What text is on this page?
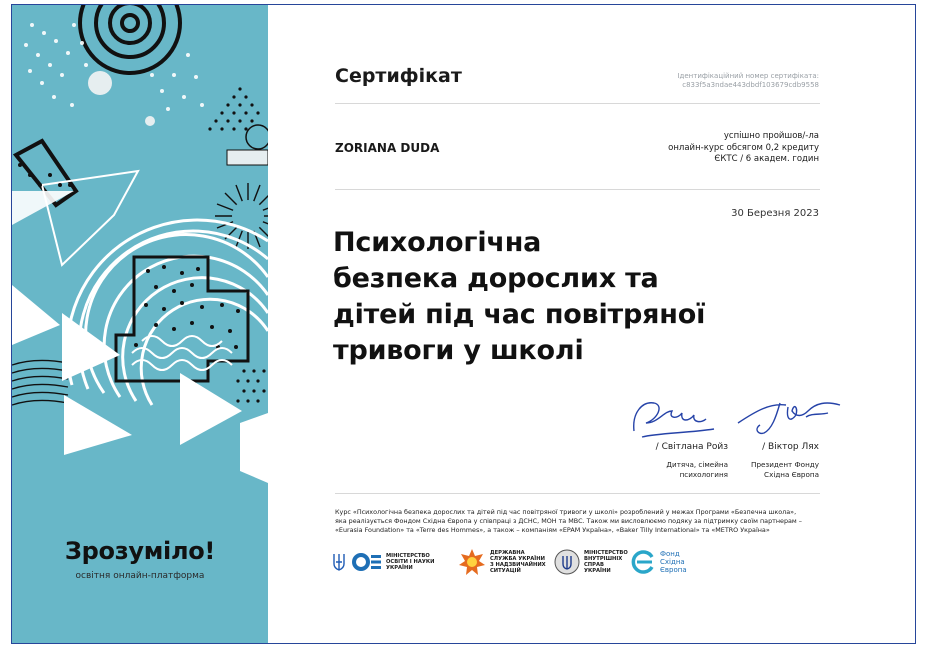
Зрозуміло!
освітня онлайн-платформа
Сертифікат	Ідентифікаційний номер сертифіката:
c833f5a3ndae443dbdf103679cdb9558
ZORIANA DUDA
успішно пройшов/-ла
онлайн-курс обсягом 0,2 кредиту
ЄКТС / 6 академ. годин
30 Березня 2023
Психологічна
безпека дорослих та
дітей під час повітряної
тривоги у школі
/ Світлана Ройз
Дитяча, сімейна
психологиня
/ Віктор Лях
Президент Фонду
Східна Європа
Курс «Психологічна безпека дорослих та дітей під час повітряної тривоги у школі» розроблений у межах Програми «Безпечна школа»,
яка реалізується Фондом Східна Європа у співпраці з ДСНС, МОН та МВС. Також ми висловлюємо подяку за підтримку своїм партнерам –
«Eurasia Foundation» та «Terre des Hommes», а також – компаніям «EPAM Україна», «Baker Tilly International» та «METRO Україна»
МІНІСТЕРСТВО
ОСВІТИ І НАУКИ
УКРАЇНИ
ДЕРЖАВНА
СЛУЖБА УКРАЇНИ
З НАДЗВИЧАЙНИХ
СИТУАЦІЙ
МІНІСТЕРСТВО
ВНУТРІШНІХ
СПРАВ
УКРАЇНИ
Фонд
Східна
Європа
